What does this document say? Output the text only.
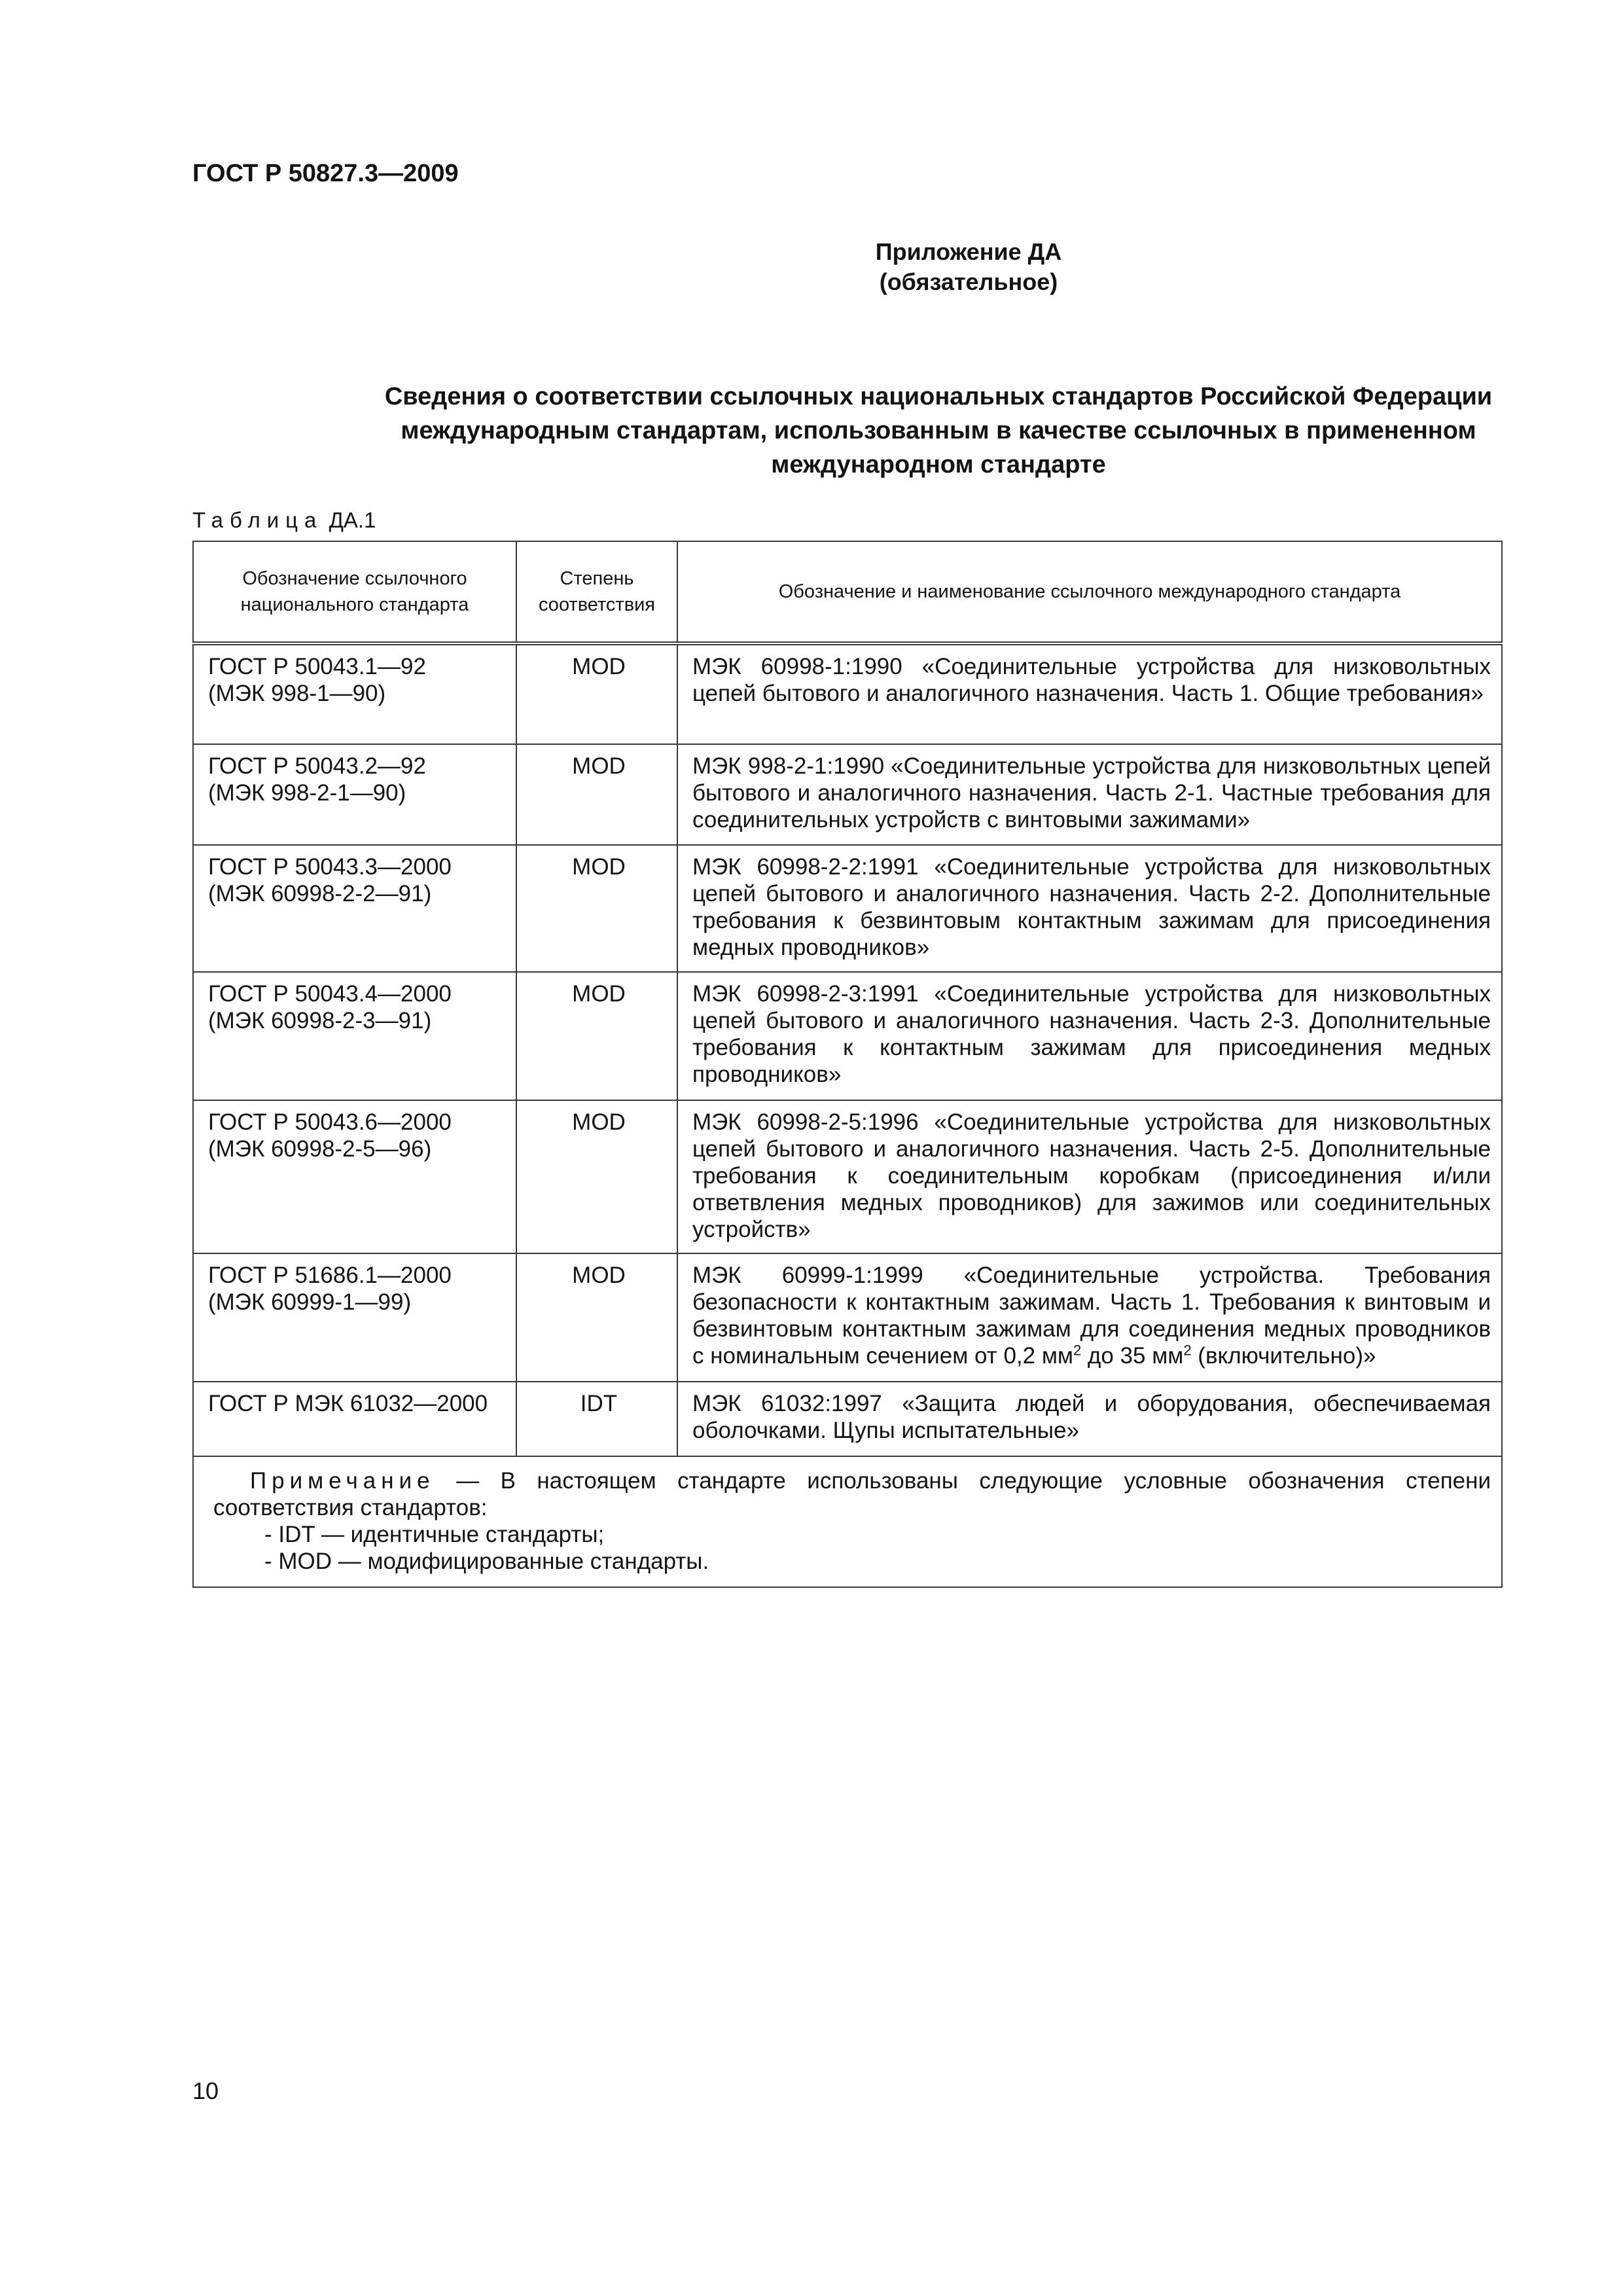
ГОСТ Р 50827.3—2009
Приложение ДА
(обязательное)
Сведения о соответствии ссылочных национальных стандартов Российской Федерации
международным стандартам, использованным в качестве ссылочных в примененном
международном стандарте
Таблица ДА.1
Обозначение ссылочного национального стандарта	Степень соответствия	Обозначение и наименование ссылочного международного стандарта

ГОСТ Р 50043.1—92
(МЭК 998-1—90)	MOD	МЭК 60998-1:1990 «Соединительные устройства для низковольтных цепей бытового и аналогичного назначения. Часть 1. Общие требования»

ГОСТ Р 50043.2—92
(МЭК 998-2-1—90)	MOD	МЭК 998-2-1:1990 «Соединительные устройства для низковольтных цепей бытового и аналогичного назначения. Часть 2-1. Частные требования для соединительных устройств с винтовыми зажимами»

ГОСТ Р 50043.3—2000
(МЭК 60998-2-2—91)	MOD	МЭК 60998-2-2:1991 «Соединительные устройства для низковольтных цепей бытового и аналогичного назначения. Часть 2-2. Дополнительные требования к безвинтовым контактным зажимам для присоединения медных проводников»

ГОСТ Р 50043.4—2000
(МЭК 60998-2-3—91)	MOD	МЭК 60998-2-3:1991 «Соединительные устройства для низковольтных цепей бытового и аналогичного назначения. Часть 2-3. Дополнительные требования к контактным зажимам для присоединения медных проводников»

ГОСТ Р 50043.6—2000
(МЭК 60998-2-5—96)	MOD	МЭК 60998-2-5:1996 «Соединительные устройства для низковольтных цепей бытового и аналогичного назначения. Часть 2-5. Дополнительные требования к соединительным коробкам (присоединения и/или ответвления медных проводников) для зажимов или соединительных устройств»

ГОСТ Р 51686.1—2000
(МЭК 60999-1—99)	MOD	МЭК 60999-1:1999 «Соединительные устройства. Требования безопасности к контактным зажимам. Часть 1. Требования к винтовым и безвинтовым контактным зажимам для соединения медных проводников с номинальным сечением от 0,2 $мм^2$ до 35 $мм^2$ (включительно)»

ГОСТ Р МЭК 61032—2000	IDT	МЭК 61032:1997 «Защита людей и оборудования, обеспечиваемая оболочками. Щупы испытательные»

Примечание — В настоящем стандарте использованы следующие условные обозначения степени соответствия стандартов:
- IDT — идентичные стандарты;
- MOD — модифицированные стандарты.		
10
